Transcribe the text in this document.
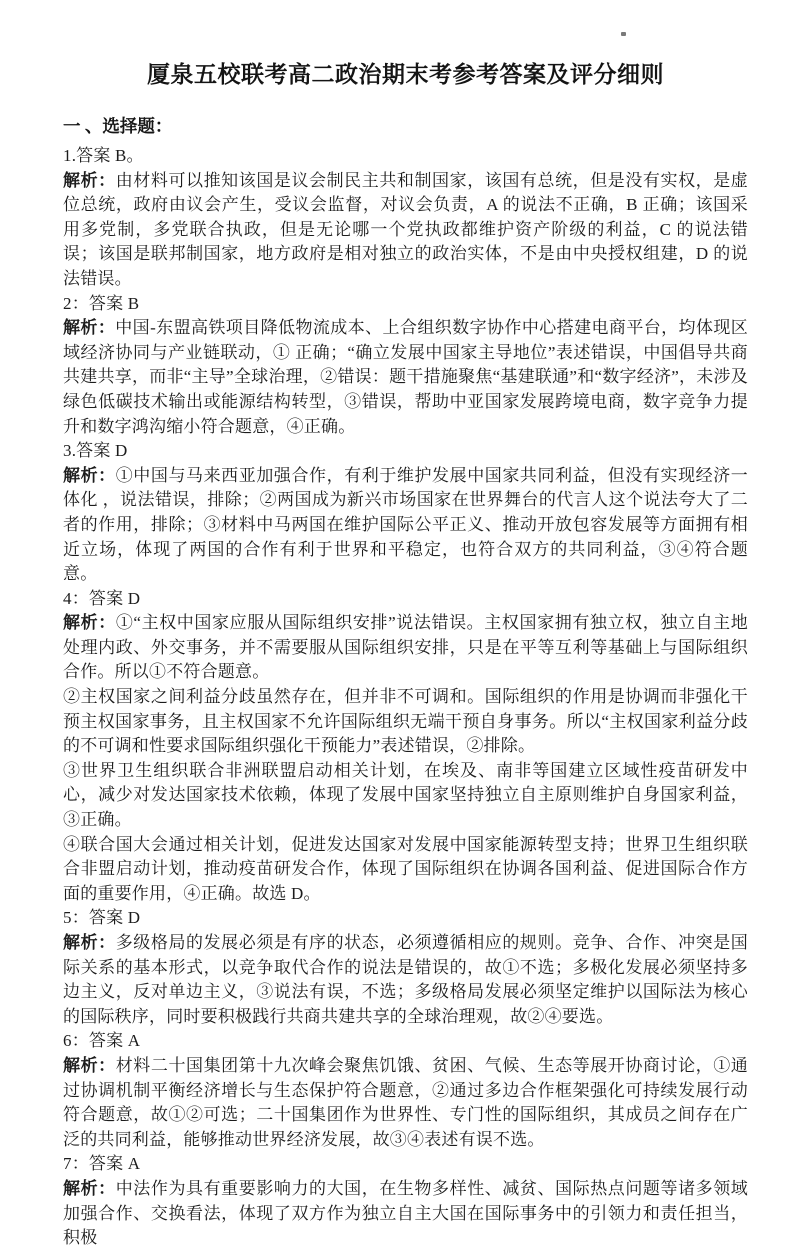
厦泉五校联考高二政治期末考参考答案及评分细则
一 、选择题：

1.答案 B。

解析：由材料可以推知该国是议会制民主共和制国家，该国有总统，但是没有实权，是虚位总统，政府由议会产生，受议会监督，对议会负责，A 的说法不正确，B 正确；该国采用多党制，多党联合执政，但是无论哪一个党执政都维护资产阶级的利益，C 的说法错误；该国是联邦制国家，地方政府是相对独立的政治实体，不是由中央授权组建，D 的说法错误。

2：答案 B

解析：中国-东盟高铁项目降低物流成本、上合组织数字协作中心搭建电商平台，均体现区域经济协同与产业链联动，① 正确；“确立发展中国家主导地位”表述错误，中国倡导共商共建共享，而非“主导”全球治理，②错误：题干措施聚焦“基建联通”和“数字经济”，未涉及绿色低碳技术输出或能源结构转型，③错误，帮助中亚国家发展跨境电商，数字竞争力提升和数字鸿沟缩小符合题意，④正确。

3.答案 D

解析：①中国与马来西亚加强合作，有利于维护发展中国家共同利益，但没有实现经济一体化 ，说法错误，排除；②两国成为新兴市场国家在世界舞台的代言人这个说法夸大了二者的作用，排除；③材料中马两国在维护国际公平正义、推动开放包容发展等方面拥有相近立场，体现了两国的合作有利于世界和平稳定，也符合双方的共同利益，③④符合题意。

4：答案 D

解析：①“主权中国家应服从国际组织安排”说法错误。主权国家拥有独立权，独立自主地处理内政、外交事务，并不需要服从国际组织安排，只是在平等互利等基础上与国际组织合作。所以①不符合题意。

②主权国家之间利益分歧虽然存在，但并非不可调和。国际组织的作用是协调而非强化干预主权国家事务，且主权国家不允许国际组织无端干预自身事务。所以“主权国家利益分歧的不可调和性要求国际组织强化干预能力”表述错误，②排除。

③世界卫生组织联合非洲联盟启动相关计划，在埃及、南非等国建立区域性疫苗研发中心，减少对发达国家技术依赖，体现了发展中国家坚持独立自主原则维护自身国家利益，③正确。

④联合国大会通过相关计划，促进发达国家对发展中国家能源转型支持；世界卫生组织联合非盟启动计划，推动疫苗研发合作，体现了国际组织在协调各国利益、促进国际合作方面的重要作用，④正确。故选 D。

5：答案 D

解析：多级格局的发展必须是有序的状态，必须遵循相应的规则。竞争、合作、冲突是国际关系的基本形式，以竞争取代合作的说法是错误的，故①不选；多极化发展必须坚持多边主义，反对单边主义，③说法有误，不选；多级格局发展必须坚定维护以国际法为核心的国际秩序，同时要积极践行共商共建共享的全球治理观，故②④要选。

6：答案 A

解析：材料二十国集团第十九次峰会聚焦饥饿、贫困、气候、生态等展开协商讨论，①通过协调机制平衡经济增长与生态保护符合题意，②通过多边合作框架强化可持续发展行动符合题意，故①②可选；二十国集团作为世界性、专门性的国际组织，其成员之间存在广泛的共同利益，能够推动世界经济发展，故③④表述有误不选。

7：答案 A

解析：中法作为具有重要影响力的大国，在生物多样性、减贫、国际热点问题等诸多领域加强合作、交换看法，体现了双方作为独立自主大国在国际事务中的引领力和责任担当，积极
